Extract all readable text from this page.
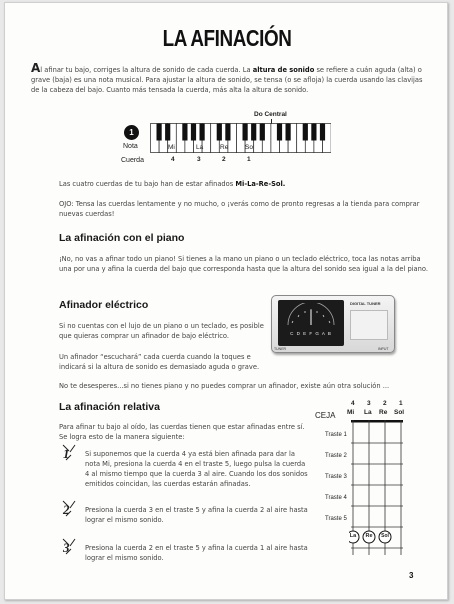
LA AFINACIÓN
Al afinar tu bajo, corriges la altura de sonido de cada cuerda. La altura de sonido se refiere a cuán aguda (alta) o grave (baja) es una nota musical. Para ajustar la altura de sonido, se tensa (o se afloja) la cuerda usando las clavijas de la cabeza del bajo. Cuanto más tensada la cuerda, más alta la altura de sonido.
Do Central
1
Nota
Cuerda
Mi	La	Re	Sol
4	3	2	1
Las cuatro cuerdas de tu bajo han de estar afinados Mi-La-Re-Sol.
OJO: Tensa las cuerdas lentamente y no mucho, o ¡verás como de pronto regresas a la tienda para comprar nuevas cuerdas!
La afinación con el piano
¡No, no vas a afinar todo un piano! Si tienes a la mano un piano o un teclado eléctrico, toca las notas arriba una por una y afina la cuerda del bajo que corresponda hasta que la altura del sonido sea igual a la del piano.
Afinador eléctrico
Si no cuentas con el lujo de un piano o un teclado, es posible que quieras comprar un afinador de bajo eléctrico.
Un afinador “escuchará” cada cuerda cuando la toques e indicará si la altura de sonido es demasiado aguda o grave.
C D E F G A B
DIGITAL TUNER
TUNER	INPUT
No te desesperes...si no tienes piano y no puedes comprar un afinador, existe aún otra solución ...
La afinación relativa
Para afinar tu bajo al oído, las cuerdas tienen que estar afinadas entre sí. Se logra esto de la manera siguiente:
1 Si suponemos que la cuerda 4 ya está bien afinada para dar la nota Mi, presiona la cuerda 4 en el traste 5, luego pulsa la cuerda 4 al mismo tiempo que la cuerda 3 al aire. Cuando los dos sonidos emitidos coincidan, las cuerdas estarán afinadas.
2 Presiona la cuerda 3 en el traste 5 y afina la cuerda 2 al aire hasta lograr el mismo sonido.
3 Presiona la cuerda 2 en el traste 5 y afina la cuerda 1 al aire hasta lograr el mismo sonido.
CEJA
4 3 2 1
Mi La Re Sol
La Re Sol
Traste 1
Traste 2
Traste 3
Traste 4
Traste 5
3
